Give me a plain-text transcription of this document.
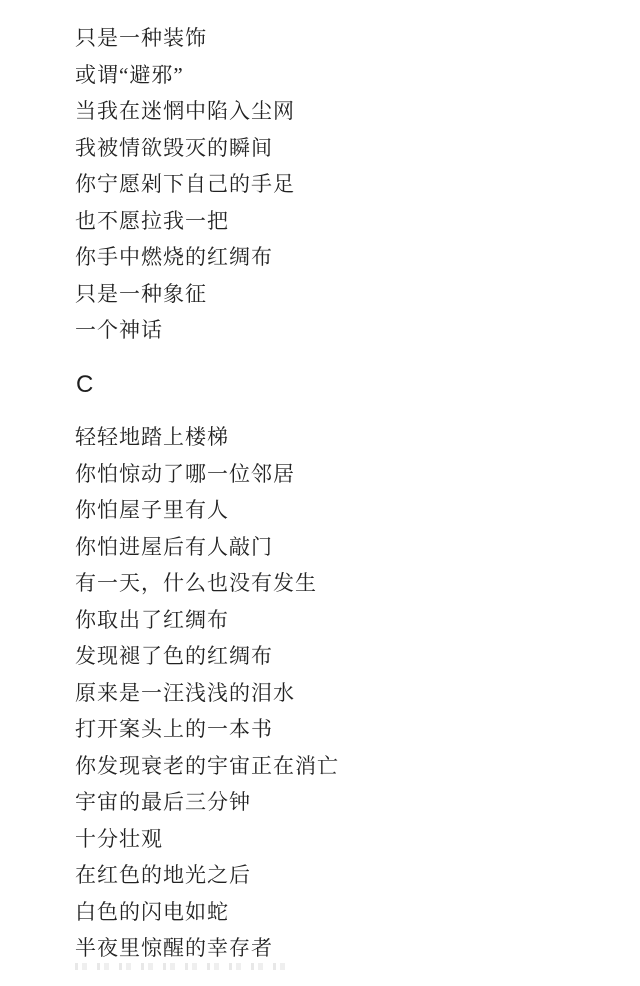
只是一种装饰
或谓“避邪”
当我在迷惘中陷入尘网
我被情欲毁灭的瞬间
你宁愿剁下自己的手足
也不愿拉我一把
你手中燃烧的红绸布
只是一种象征
一个神话
C
轻轻地踏上楼梯
你怕惊动了哪一位邻居
你怕屋子里有人
你怕进屋后有人敲门
有一天，什么也没有发生
你取出了红绸布
发现褪了色的红绸布
原来是一汪浅浅的泪水
打开案头上的一本书
你发现衰老的宇宙正在消亡
宇宙的最后三分钟
十分壮观
在红色的地光之后
白色的闪电如蛇
半夜里惊醒的幸存者
